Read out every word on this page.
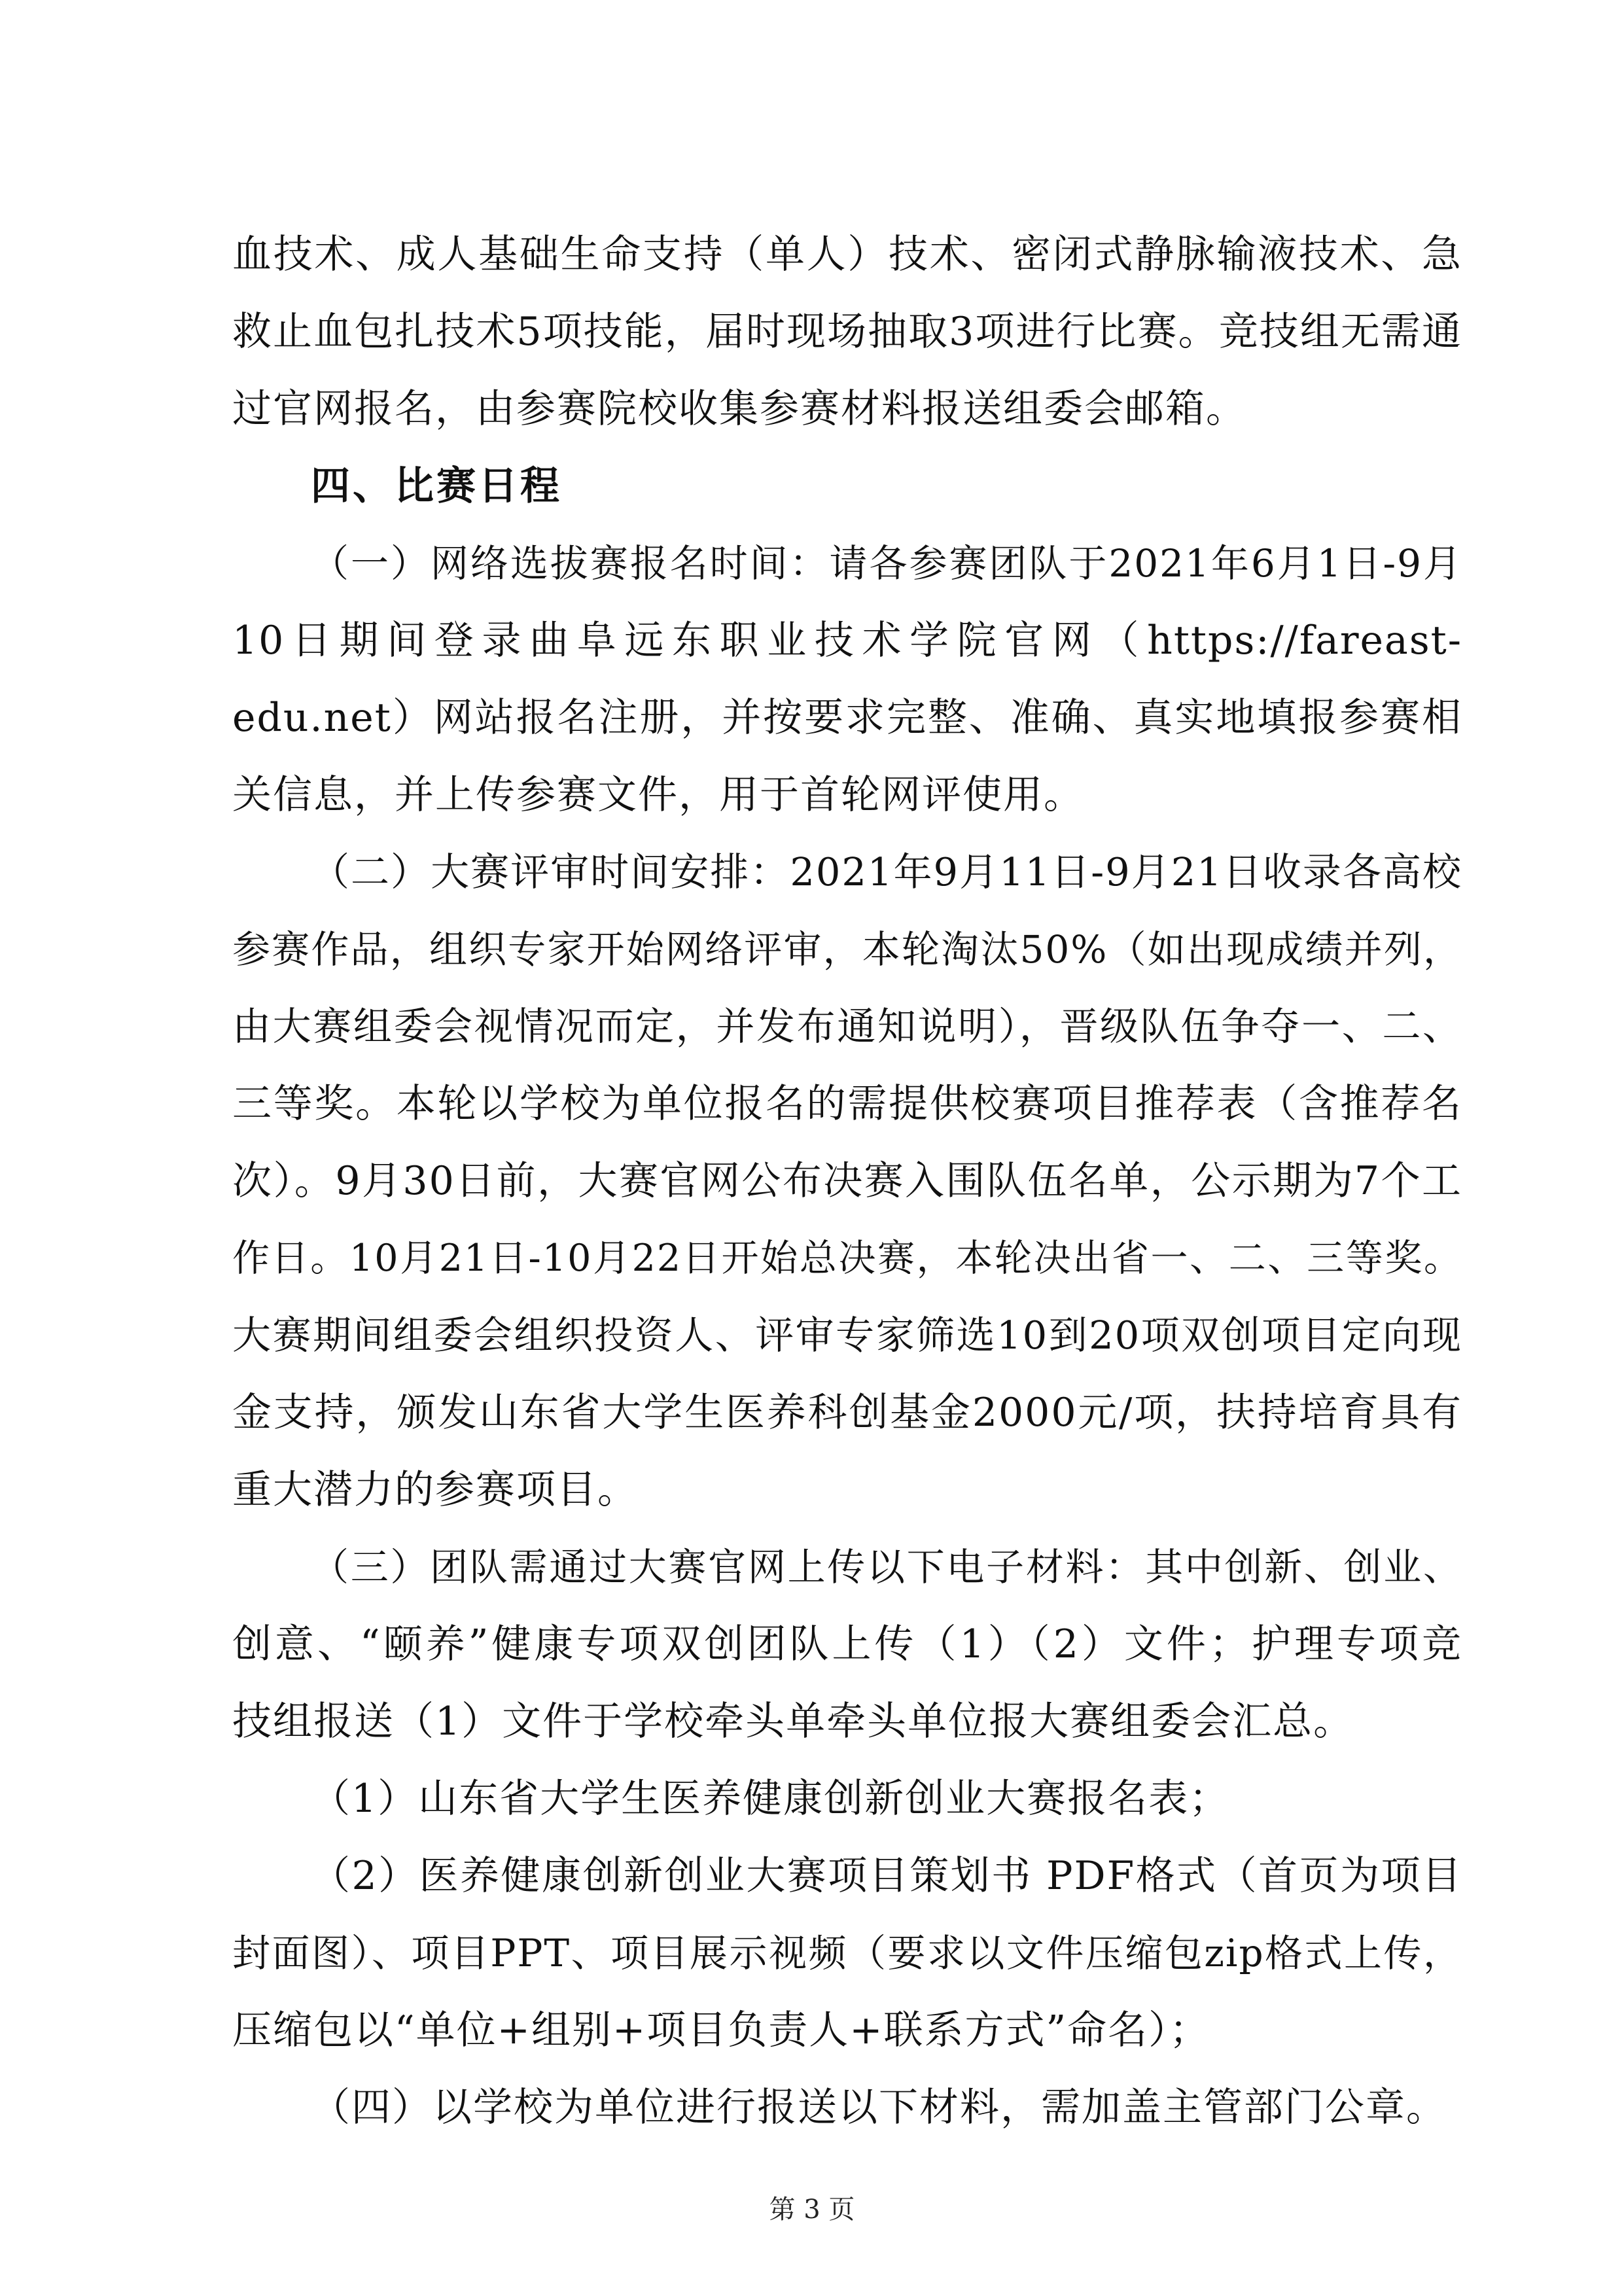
血技术、成人基础生命支持（单人）技术、密闭式静脉输液技术、急
救止血包扎技术5项技能，届时现场抽取3项进行比赛。竞技组无需通
过官网报名，由参赛院校收集参赛材料报送组委会邮箱。
四、比赛日程
（一）网络选拔赛报名时间：请各参赛团队于2021年6月1日-9月
10日期间登录曲阜远东职业技术学院官网（https://fareast-
edu.net）网站报名注册，并按要求完整、准确、真实地填报参赛相
关信息，并上传参赛文件，用于首轮网评使用。
（二）大赛评审时间安排：2021年9月11日-9月21日收录各高校
参赛作品，组织专家开始网络评审，本轮淘汰50%（如出现成绩并列，
由大赛组委会视情况而定，并发布通知说明），晋级队伍争夺一、二、
三等奖。本轮以学校为单位报名的需提供校赛项目推荐表（含推荐名
次）。9月30日前，大赛官网公布决赛入围队伍名单，公示期为7个工
作日。10月21日-10月22日开始总决赛，本轮决出省一、二、三等奖。
大赛期间组委会组织投资人、评审专家筛选10到20项双创项目定向现
金支持，颁发山东省大学生医养科创基金2000元/项，扶持培育具有
重大潜力的参赛项目。
（三）团队需通过大赛官网上传以下电子材料：其中创新、创业、
创意、“颐养”健康专项双创团队上传（1）（2）文件；护理专项竞
技组报送（1）文件于学校牵头单牵头单位报大赛组委会汇总。
（1）山东省大学生医养健康创新创业大赛报名表；
（2）医养健康创新创业大赛项目策划书 PDF格式（首页为项目
封面图）、项目PPT、项目展示视频（要求以文件压缩包zip格式上传，
压缩包以“单位+组别+项目负责人+联系方式”命名）；
（四）以学校为单位进行报送以下材料，需加盖主管部门公章。
第 3 页
